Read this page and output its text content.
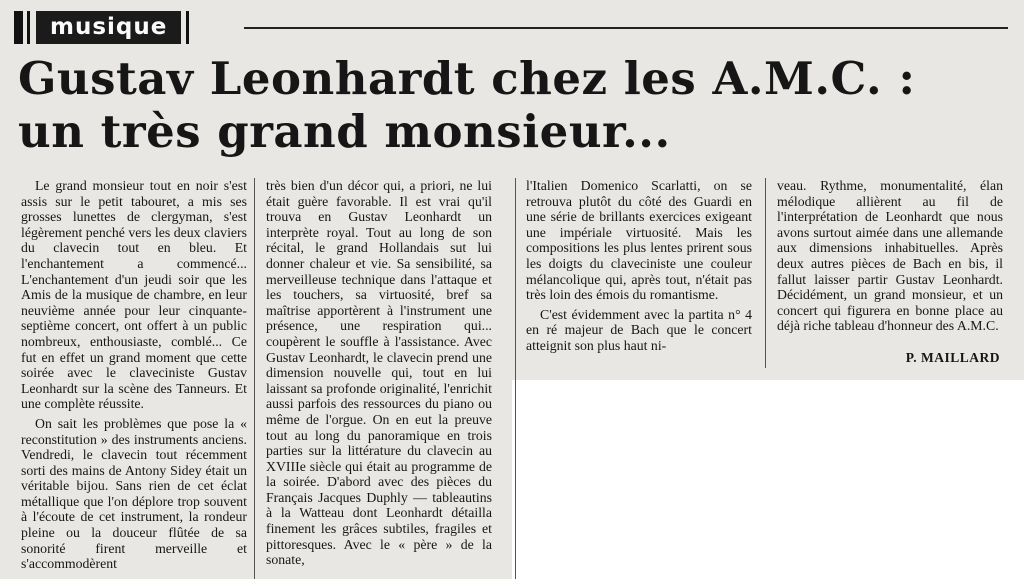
musique
Gustav Leonhardt chez les A.M.C. :
un très grand monsieur...

Le grand monsieur tout en noir s'est assis sur le petit tabouret, a mis ses grosses lunettes de clergyman, s'est légèrement penché vers les deux claviers du clavecin tout en bleu. Et l'enchantement a commencé... L'enchantement d'un jeudi soir que les Amis de la musique de chambre, en leur neuvième année pour leur cinquante-septième concert, ont offert à un public nombreux, enthousiaste, comblé... Ce fut en effet un grand moment que cette soirée avec le claveciniste Gustav Leonhardt sur la scène des Tanneurs. Et une complète réussite.

On sait les problèmes que pose la « reconstitution » des instruments anciens. Vendredi, le clavecin tout récemment sorti des mains de Antony Sidey était un véritable bijou. Sans rien de cet éclat métallique que l'on déplore trop souvent à l'écoute de cet instrument, la rondeur pleine ou la douceur flûtée de sa sonorité firent merveille et s'accommodèrent

très bien d'un décor qui, a priori, ne lui était guère favorable. Il est vrai qu'il trouva en Gustav Leonhardt un interprète royal. Tout au long de son récital, le grand Hollandais sut lui donner chaleur et vie. Sa sensibilité, sa merveilleuse technique dans l'attaque et les touchers, sa virtuosité, bref sa maîtrise apportèrent à l'instrument une présence, une respiration qui... coupèrent le souffle à l'assistance. Avec Gustav Leonhardt, le clavecin prend une dimension nouvelle qui, tout en lui laissant sa profonde originalité, l'enrichit aussi parfois des ressources du piano ou même de l'orgue. On en eut la preuve tout au long du panoramique en trois parties sur la littérature du clavecin au XVIIIe siècle qui était au programme de la soirée. D'abord avec des pièces du Français Jacques Duphly — tableautins à la Watteau dont Leonhardt détailla finement les grâces subtiles, fragiles et pittoresques. Avec le « père » de la sonate,

l'Italien Domenico Scarlatti, on se retrouva plutôt du côté des Guardi en une série de brillants exercices exigeant une impériale virtuosité. Mais les compositions les plus lentes prirent sous les doigts du claveciniste une couleur mélancolique qui, après tout, n'était pas très loin des émois du romantisme.

C'est évidemment avec la partita n° 4 en ré majeur de Bach que le concert atteignit son plus haut ni-

veau. Rythme, monumentalité, élan mélodique allièrent au fil de l'interprétation de Leonhardt que nous avons surtout aimée dans une allemande aux dimensions inhabituelles. Après deux autres pièces de Bach en bis, il fallut laisser partir Gustav Leonhardt. Décidément, un grand monsieur, et un concert qui figurera en bonne place au déjà riche tableau d'honneur des A.M.C.

P. MAILLARD
